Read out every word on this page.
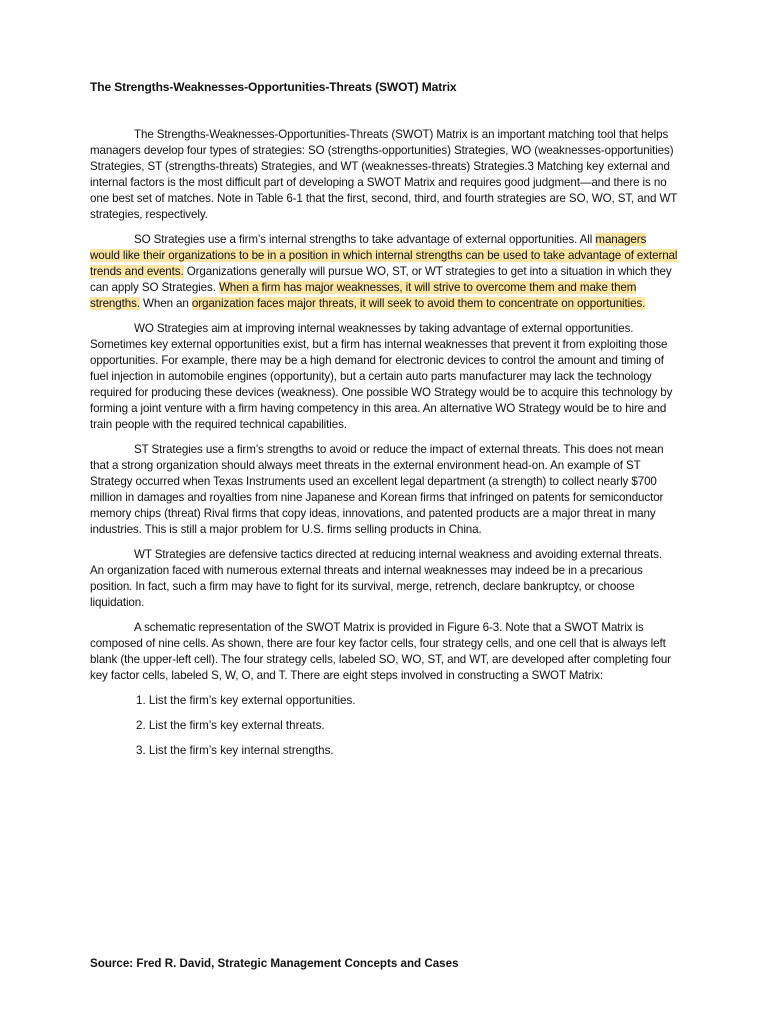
The Strengths-Weaknesses-Opportunities-Threats (SWOT) Matrix

The Strengths-Weaknesses-Opportunities-Threats (SWOT) Matrix is an important matching tool that helps managers develop four types of strategies: SO (strengths-opportunities) Strategies, WO (weaknesses-opportunities) Strategies, ST (strengths-threats) Strategies, and WT (weaknesses-threats) Strategies.3 Matching key external and internal factors is the most difficult part of developing a SWOT Matrix and requires good judgment—and there is no one best set of matches. Note in Table 6-1 that the first, second, third, and fourth strategies are SO, WO, ST, and WT strategies, respectively.

SO Strategies use a firm’s internal strengths to take advantage of external opportunities. All managers would like their organizations to be in a position in which internal strengths can be used to take advantage of external trends and events. Organizations generally will pursue WO, ST, or WT strategies to get into a situation in which they can apply SO Strategies. When a firm has major weaknesses, it will strive to overcome them and make them strengths. When an organization faces major threats, it will seek to avoid them to concentrate on opportunities.

WO Strategies aim at improving internal weaknesses by taking advantage of external opportunities. Sometimes key external opportunities exist, but a firm has internal weaknesses that prevent it from exploiting those opportunities. For example, there may be a high demand for electronic devices to control the amount and timing of fuel injection in automobile engines (opportunity), but a certain auto parts manufacturer may lack the technology required for producing these devices (weakness). One possible WO Strategy would be to acquire this technology by forming a joint venture with a firm having competency in this area. An alternative WO Strategy would be to hire and train people with the required technical capabilities.

ST Strategies use a firm’s strengths to avoid or reduce the impact of external threats. This does not mean that a strong organization should always meet threats in the external environment head-on. An example of ST Strategy occurred when Texas Instruments used an excellent legal department (a strength) to collect nearly $700 million in damages and royalties from nine Japanese and Korean firms that infringed on patents for semiconductor memory chips (threat) Rival firms that copy ideas, innovations, and patented products are a major threat in many industries. This is still a major problem for U.S. firms selling products in China.

WT Strategies are defensive tactics directed at reducing internal weakness and avoiding external threats. An organization faced with numerous external threats and internal weaknesses may indeed be in a precarious position. In fact, such a firm may have to fight for its survival, merge, retrench, declare bankruptcy, or choose liquidation.

A schematic representation of the SWOT Matrix is provided in Figure 6-3. Note that a SWOT Matrix is composed of nine cells. As shown, there are four key factor cells, four strategy cells, and one cell that is always left blank (the upper-left cell). The four strategy cells, labeled SO, WO, ST, and WT, are developed after completing four key factor cells, labeled S, W, O, and T. There are eight steps involved in constructing a SWOT Matrix:

1. List the firm’s key external opportunities.
2. List the firm’s key external threats.
3. List the firm’s key internal strengths.

Source: Fred R. David, Strategic Management Concepts and Cases
